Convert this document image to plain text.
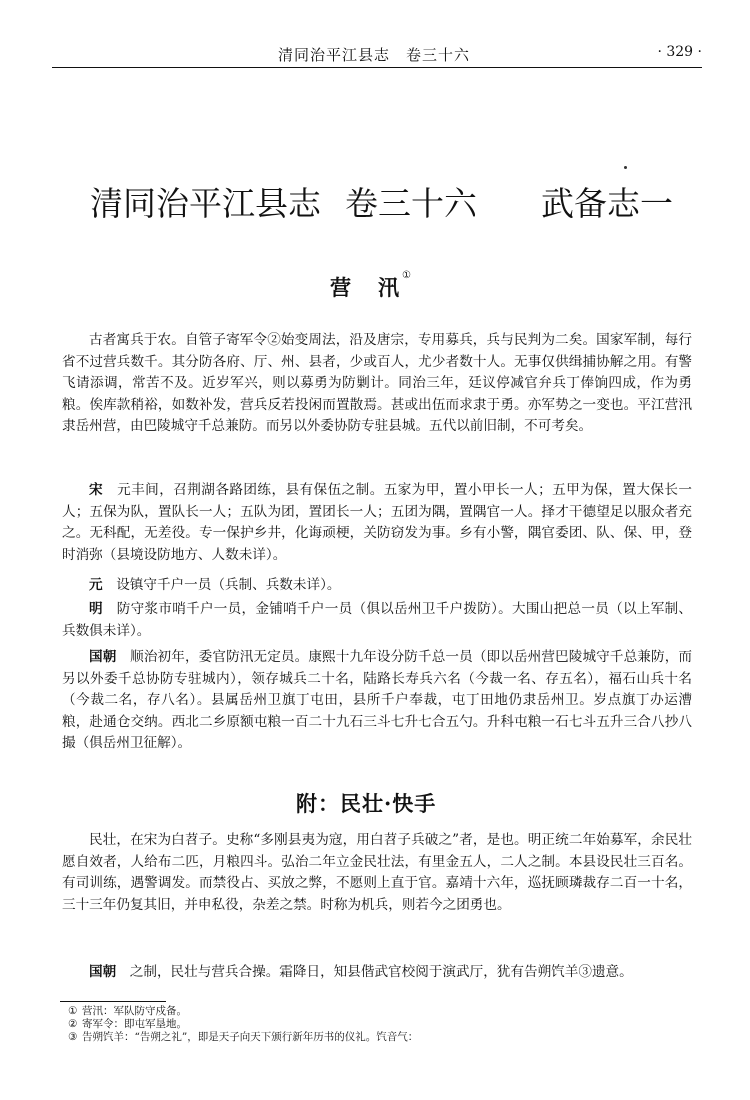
清同治平江县志　卷三十六	· 329 ·
清同治平江县志 卷三十六 武备志一
营　汛①
古者寓兵于农。自管子寄军令②始变周法，沿及唐宗，专用募兵，兵与民判为二矣。国家军制，每行省不过营兵数千。其分防各府、厅、州、县者，少或百人，尤少者数十人。无事仅供缉捕协解之用。有警飞请添调，常苦不及。近岁军兴，则以募勇为防剿计。同治三年，廷议停减官弁兵丁俸饷四成，作为勇粮。俟库款稍裕，如数补发，营兵反若投闲而置散焉。甚或出伍而求隶于勇。亦军势之一变也。平江营汛隶岳州营，由巴陵城守千总兼防。而另以外委协防专驻县城。五代以前旧制，不可考矣。
宋　 元丰间，召荆湖各路团练，县有保伍之制。五家为甲，置小甲长一人；五甲为保，置大保长一人；五保为队，置队长一人；五队为团，置团长一人；五团为隅，置隅官一人。择才干德望足以服众者充之。无科配，无差役。专一保护乡井，化诲顽梗，关防窃发为事。乡有小警，隅官委团、队、保、甲，登时消弥（县境设防地方、人数未详）。
元　 设镇守千户一员（兵制、兵数未详）。
明　 防守浆市哨千户一员，金铺哨千户一员（俱以岳州卫千户拨防）。大围山把总一员（以上军制、兵数俱未详）。
国朝　 顺治初年，委官防汛无定员。康熙十九年设分防千总一员（即以岳州营巴陵城守千总兼防，而另以外委千总协防专驻城内），领存城兵二十名，陆路长寿兵六名（今裁一名、存五名），福石山兵十名（今裁二名，存八名）。县属岳州卫旗丁屯田，县所千户奉裁，屯丁田地仍隶岳州卫。岁点旗丁办运漕粮，赴通仓交纳。西北二乡原额屯粮一百二十九石三斗七升七合五勺。升科屯粮一石七斗五升三合八抄八撮（俱岳州卫征解）。
附：民壮·快手
民壮，在宋为白苕子。史称“多刚县夷为寇，用白苕子兵破之”者，是也。明正统二年始募军，余民壮愿自效者，人给布二匹，月粮四斗。弘治二年立金民壮法，有里金五人，二人之制。本县设民壮三百名。有司训练，遇警调发。而禁役占、买放之弊，不愿则上直于官。嘉靖十六年，巡抚顾璘裁存二百一十名，三十三年仍复其旧，并申私役，杂差之禁。时称为机兵，则若今之团勇也。
国朝　 之制，民壮与营兵合操。霜降日，知县偕武官校阅于演武厅，犹有告朔饩羊③遗意。
① 营汛：军队防守戍备。
② 寄军令：即屯军垦地。
③ 告朔饩羊：“告朔之礼”，即是天子向天下颁行新年历书的仪礼。饩音气：
